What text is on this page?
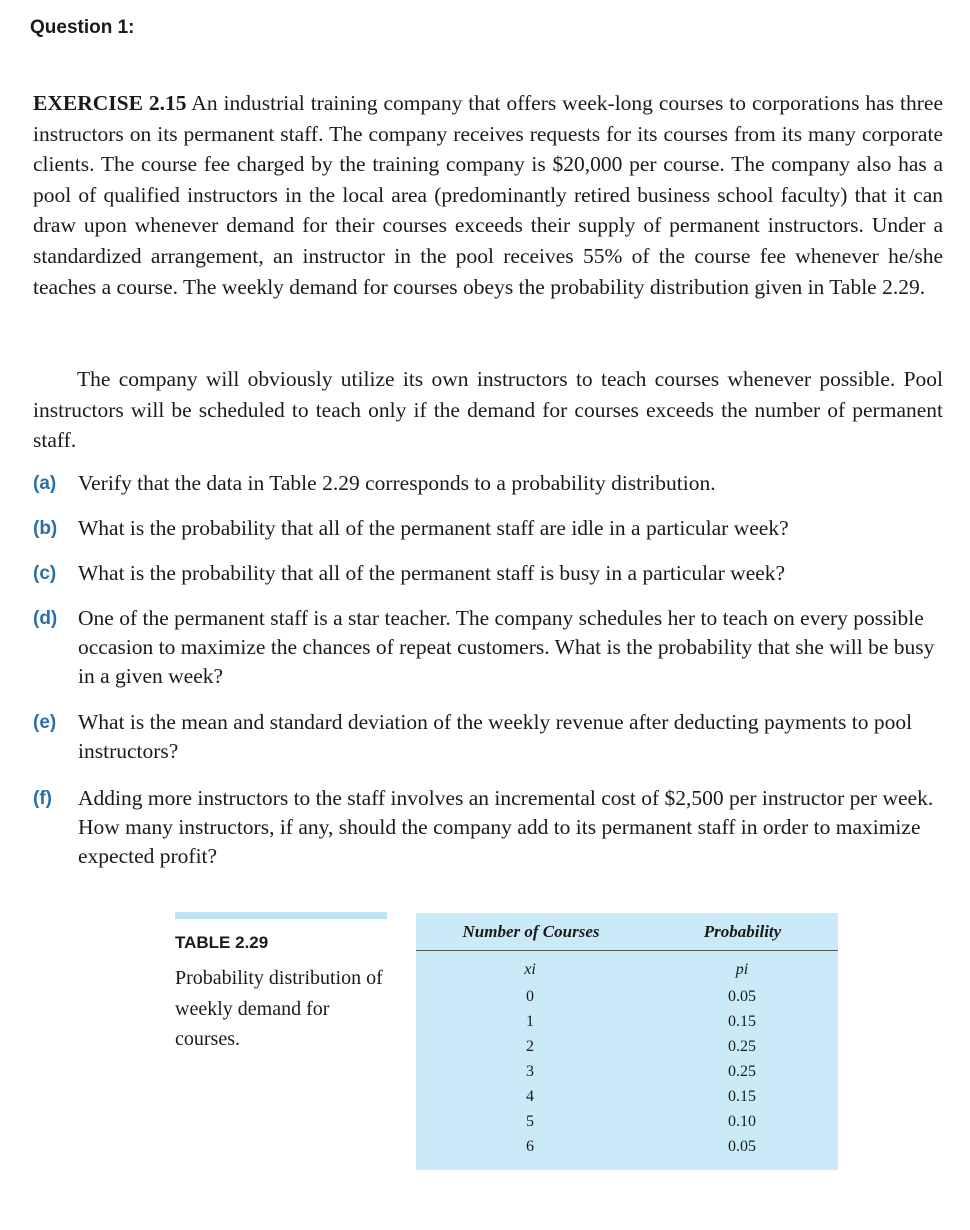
Question 1:
EXERCISE 2.15 An industrial training company that offers week-long courses to corporations has three instructors on its permanent staff. The company receives requests for its courses from its many corporate clients. The course fee charged by the training company is $20,000 per course. The company also has a pool of qualified instructors in the local area (predominantly retired business school faculty) that it can draw upon whenever demand for their courses exceeds their supply of permanent instructors. Under a standardized arrangement, an instructor in the pool receives 55% of the course fee whenever he/she teaches a course. The weekly demand for courses obeys the probability distribution given in Table 2.29.
The company will obviously utilize its own instructors to teach courses whenever possible. Pool instructors will be scheduled to teach only if the demand for courses exceeds the number of permanent staff.
(a) Verify that the data in Table 2.29 corresponds to a probability distribution.
(b) What is the probability that all of the permanent staff are idle in a particular week?
(c) What is the probability that all of the permanent staff is busy in a particular week?
(d) One of the permanent staff is a star teacher. The company schedules her to teach on every possible occasion to maximize the chances of repeat customers. What is the probability that she will be busy in a given week?
(e) What is the mean and standard deviation of the weekly revenue after deducting payments to pool instructors?
(f) Adding more instructors to the staff involves an incremental cost of $2,500 per instructor per week. How many instructors, if any, should the company add to its permanent staff in order to maximize expected profit?
TABLE 2.29
Probability distribution of weekly demand for courses.
Number of Courses	Probability
xi	pi
0	0.05
1	0.15
2	0.25
3	0.25
4	0.15
5	0.10
6	0.05
